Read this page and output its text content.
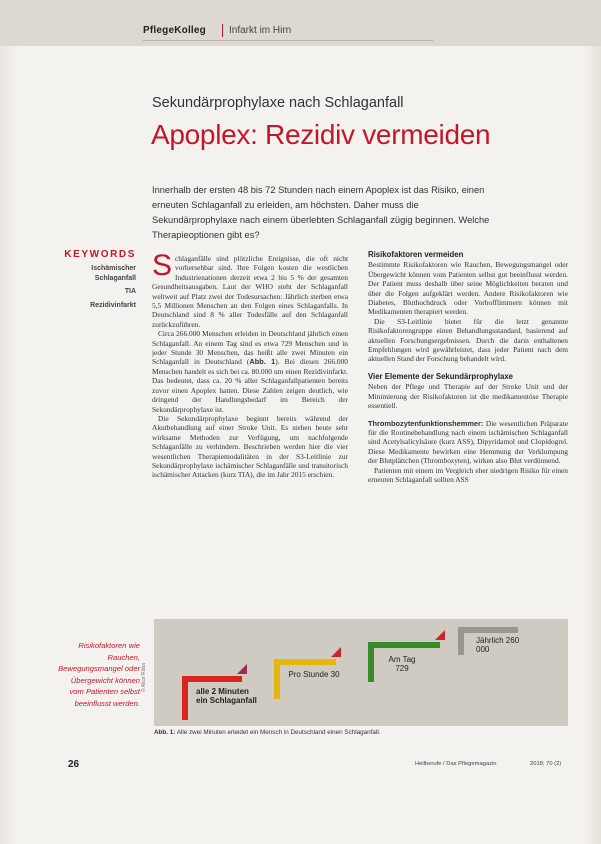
PflegeKolleg Infarkt im Hirn
Sekundärprophylaxe nach Schlaganfall
Apoplex: Rezidiv vermeiden
Innerhalb der ersten 48 bis 72 Stunden nach einem Apoplex ist das Risiko, einen erneuten Schlaganfall zu erleiden, am höchsten. Daher muss die Sekundärprophylaxe nach einem überlebten Schlaganfall zügig beginnen. Welche Therapieoptionen gibt es?
KEYWORDS
Ischämischer Schlaganfall
TIA
Rezidivinfarkt

Schlaganfälle sind plötzliche Ereignisse, die oft nicht vorhersehbar sind. Ihre Folgen kosten die westlichen Industrienationen derzeit etwa 2 bis 5 % der gesamten Gesundheitsausgaben. Laut der WHO steht der Schlaganfall weltweit auf Platz zwei der Todesursachen: Jährlich sterben etwa 5,5 Millionen Menschen an den Folgen eines Schlaganfalls. In Deutschland sind 8 % aller Todesfälle auf den Schlaganfall zurückzuführen.

Circa 266.000 Menschen erleiden in Deutschland jährlich einen Schlaganfall. An einem Tag sind es etwa 729 Menschen und in jeder Stunde 30 Menschen, das heißt alle zwei Minuten ein Schlaganfall in Deutschland (Abb. 1). Bei diesen 266.000 Menschen handelt es sich bei ca. 80.000 um einen Rezidivinfarkt. Das bedeutet, dass ca. 20 % aller Schlaganfallpatienten bereits zuvor einen Apoplex hatten. Diese Zahlen zeigen deutlich, wie dringend der Handlungsbedarf im Bereich der Sekundärprophylaxe ist.

Die Sekundärprophylaxe beginnt bereits während der Akutbehandlung auf einer Stroke Unit. Es stehen heute sehr wirksame Methoden zur Verfügung, um nachfolgende Schlaganfälle zu verhindern. Beschrieben werden hier die vier wesentlichen Therapiemodalitäten in der S3-Leitlinie zur Sekundärprophylaxe ischämischer Schlaganfälle und transitorisch ischämischer Attacken (kurz TIA), die im Jahr 2015 erschien.

Risikofaktoren vermeiden

Bestimmte Risikofaktoren wie Rauchen, Bewegungsmangel oder Übergewicht können vom Patienten selbst gut beeinflusst werden. Der Patient muss deshalb über seine Möglichkeiten beraten und über die Folgen aufgeklärt werden. Andere Risikofaktoren wie Diabetes, Bluthochdruck oder Vorhofflimmern können mit Medikamenten therapiert werden.

Die S3-Leitlinie bietet für die letzt genannte Risikofaktorengruppe einen Behandlungsstandard, basierend auf aktuellen Forschungsergebnissen. Durch die darin enthaltenen Empfehlungen wird gewährleistet, dass jeder Patient nach dem aktuellen Stand der Forschung behandelt wird.

Vier Elemente der Sekundärprophylaxe

Neben der Pflege und Therapie auf der Stroke Unit und der Minimierung der Risikofaktoren ist die medikamentöse Therapie essentiell.

Thrombozytenfunktionshemmer: Die wesentlichen Präparate für die Routinebehandlung nach einem ischämischen Schlaganfall sind Acetylsalicylsäure (kurz ASS), Dipyridamol und Clopidogrel. Diese Medikamente bewirken eine Hemmung der Verklumpung der Blutplättchen (Thrombozyten), wirken also Blut verdünnend.

Patienten mit einem im Vergleich eher niedrigen Risiko für einen erneuten Schlaganfall sollten ASS

Risikofaktoren wie Rauchen, Bewegungsmangel oder Übergewicht können vom Patienten selbst beeinflusst werden.
© Alice Rüba	alle 2 Minuten ein Schlaganfall
Pro Stunde 30
Am Tag 729
Jährlich 260 000
Abb. 1: Alle zwei Minuten erleidet ein Mensch in Deutschland einen Schlaganfall.
26	Heilberufe / Das Pflegemagazin	2018; 70 (2)
